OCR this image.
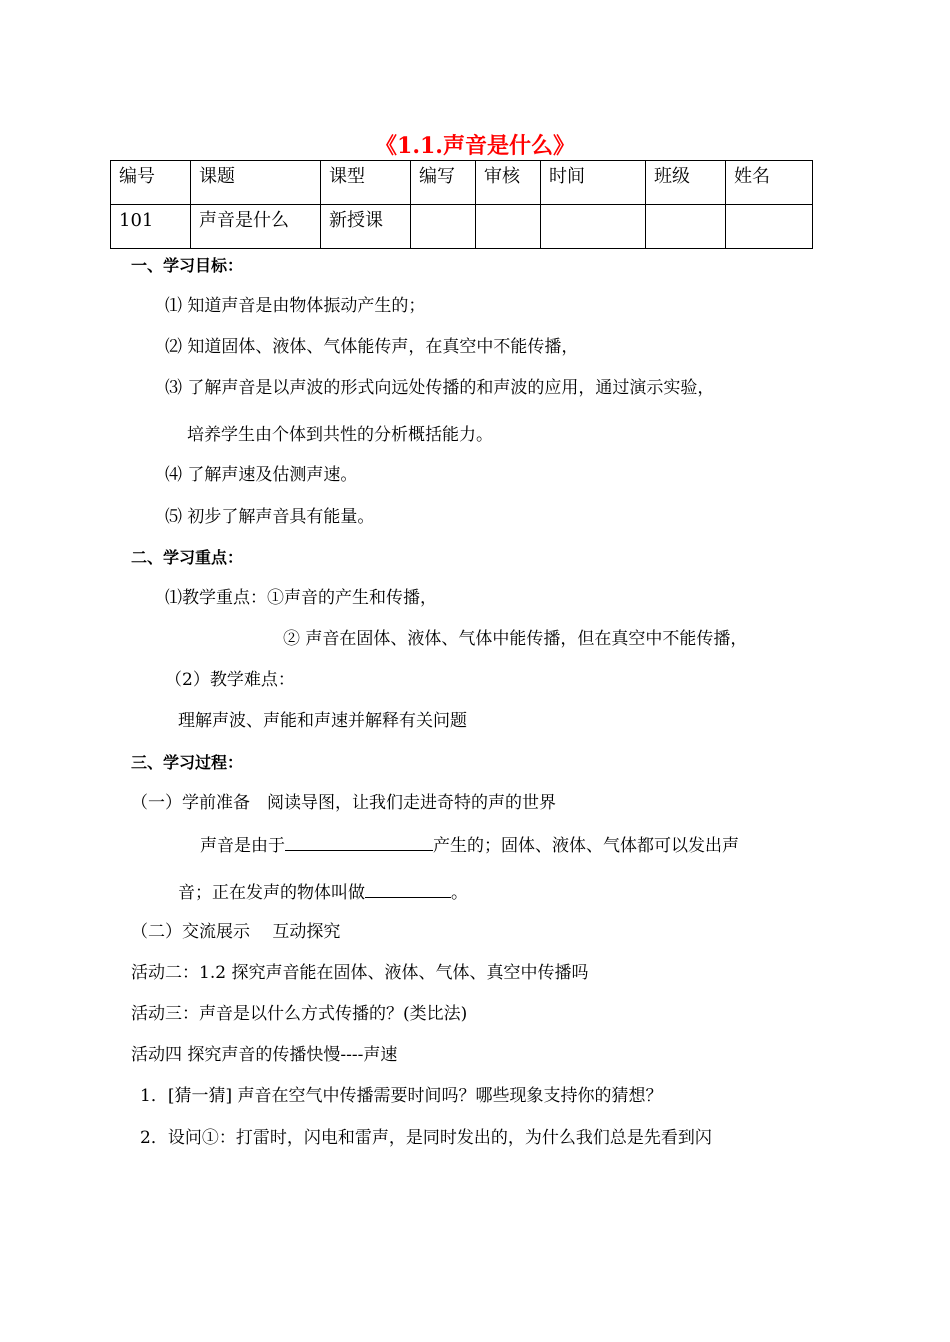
《1.1.声音是什么》
编号	课题	课型	编写	审核	时间	班级	姓名
101	声音是什么	新授课					
一、学习目标：
⑴ 知道声音是由物体振动产生的；
⑵ 知道固体、液体、气体能传声，在真空中不能传播，
⑶ 了解声音是以声波的形式向远处传播的和声波的应用，通过演示实验，
培养学生由个体到共性的分析概括能力。
⑷ 了解声速及估测声速。
⑸ 初步了解声音具有能量。
二、学习重点：
⑴教学重点：①声音的产生和传播，
② 声音在固体、液体、气体中能传播，但在真空中不能传播，
（2）教学难点：
理解声波、声能和声速并解释有关问题
三、学习过程：
（一）学前准备　阅读导图，让我们走进奇特的声的世界
声音是由于	产生的；固体、液体、气体都可以发出声
音；正在发声的物体叫做	。
（二）交流展示　 互动探究
活动二：1.2 探究声音能在固体、液体、气体、真空中传播吗
活动三：声音是以什么方式传播的？(类比法)
活动四 探究声音的传播快慢----声速
1．[猜一猜] 声音在空气中传播需要时间吗？哪些现象支持你的猜想？
2．设问①：打雷时，闪电和雷声，是同时发出的，为什么我们总是先看到闪
